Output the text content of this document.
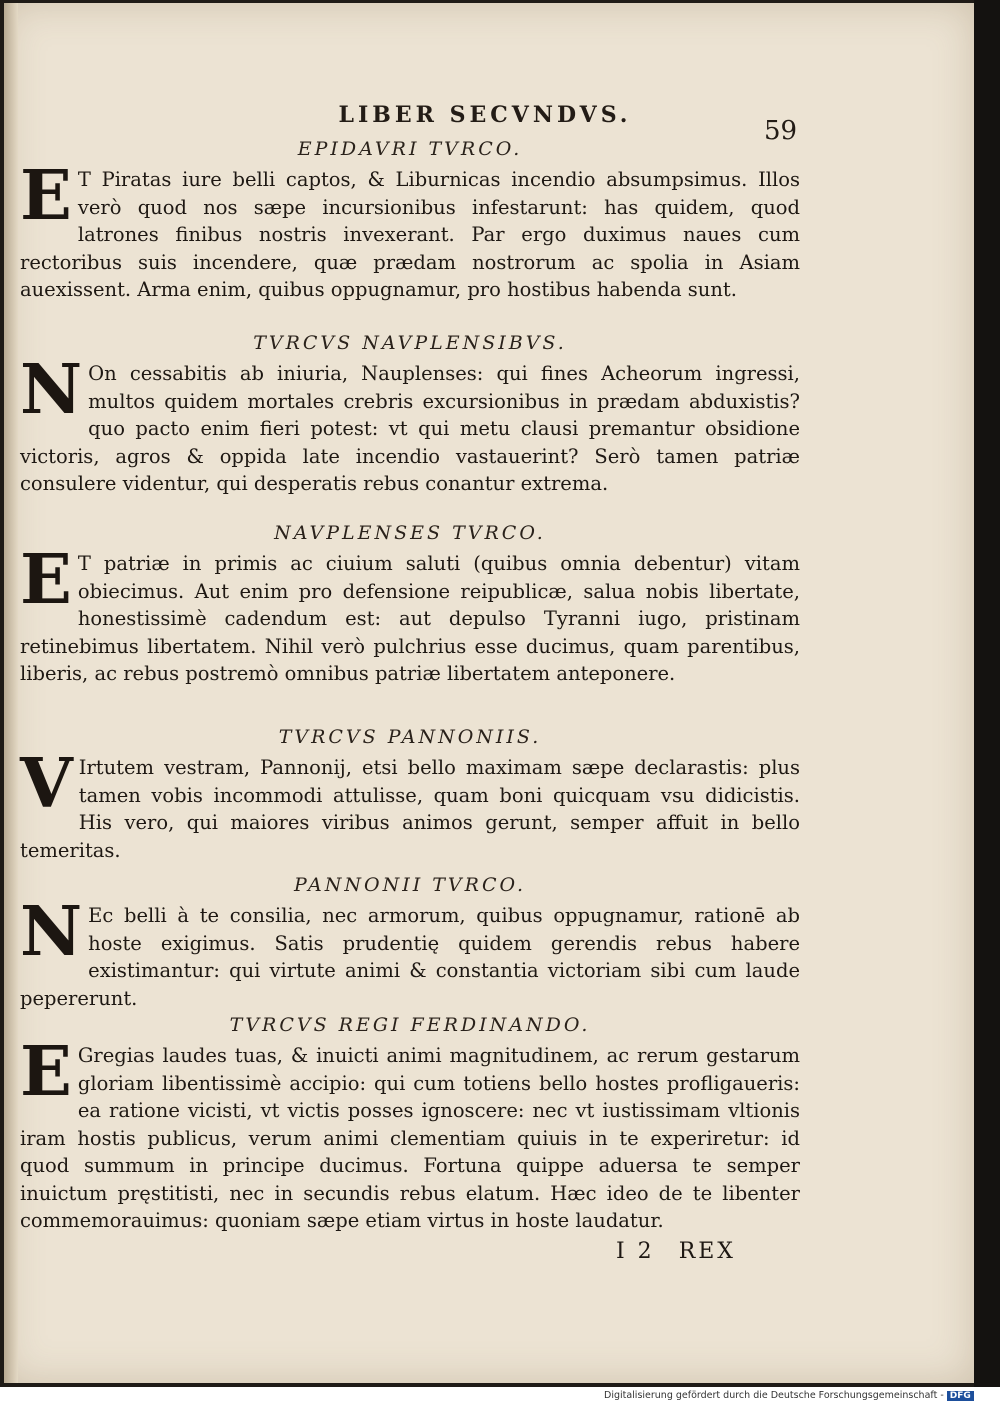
LIBER SECVNDVS.
59
EPIDAVRI TVRCO.
E T Piratas iure belli captos, & Liburnicas incendio absumpsimus. Illos verò quod nos sæpe incursionibus infestarunt: has quidem, quod latrones finibus nostris invexerant. Par ergo duximus naues cum rectoribus suis incendere, quæ prædam nostrorum ac spolia in Asiam auexissent. Arma enim, quibus oppugnamur, pro hostibus habenda sunt.
TVRCVS NAVPLENSIBVS.
N On cessabitis ab iniuria, Nauplenses: qui fines Acheorum ingressi, multos quidem mortales crebris excursionibus in prædam abduxistis? quo pacto enim fieri potest: vt qui metu clausi premantur obsidione victoris, agros & oppida late incendio vastauerint? Serò tamen patriæ consulere videntur, qui desperatis rebus conantur extrema.
NAVPLENSES TVRCO.
E T patriæ in primis ac ciuium saluti (quibus omnia debentur) vitam obiecimus. Aut enim pro defensione reipublicæ, salua nobis libertate, honestissimè cadendum est: aut depulso Tyranni iugo, pristinam retinebimus libertatem. Nihil verò pulchrius esse ducimus, quam parentibus, liberis, ac rebus postremò omnibus patriæ libertatem anteponere.
TVRCVS PANNONIIS.
V Irtutem vestram, Pannonij, etsi bello maximam sæpe declarastis: plus tamen vobis incommodi attulisse, quam boni quicquam vsu didicistis. His vero, qui maiores viribus animos gerunt, semper affuit in bello temeritas.
PANNONII TVRCO.
N Ec belli à te consilia, nec armorum, quibus oppugnamur, rationē ab hoste exigimus. Satis prudentię quidem gerendis rebus habere existimantur: qui virtute animi & constantia victoriam sibi cum laude pepererunt.
TVRCVS REGI FERDINANDO.
E Gregias laudes tuas, & inuicti animi magnitudinem, ac rerum gestarum gloriam libentissimè accipio: qui cum totiens bello hostes profligaueris: ea ratione vicisti, vt victis posses ignoscere: nec vt iustissimam vltionis iram hostis publicus, verum animi clementiam quiuis in te experiretur: id quod summum in principe ducimus. Fortuna quippe aduersa te semper inuictum pręstitisti, nec in secundis rebus elatum. Hæc ideo de te libenter commemorauimus: quoniam sæpe etiam virtus in hoste laudatur.
I 2 REX
Digitalisierung gefördert durch die Deutsche Forschungsgemeinschaft - DFG
